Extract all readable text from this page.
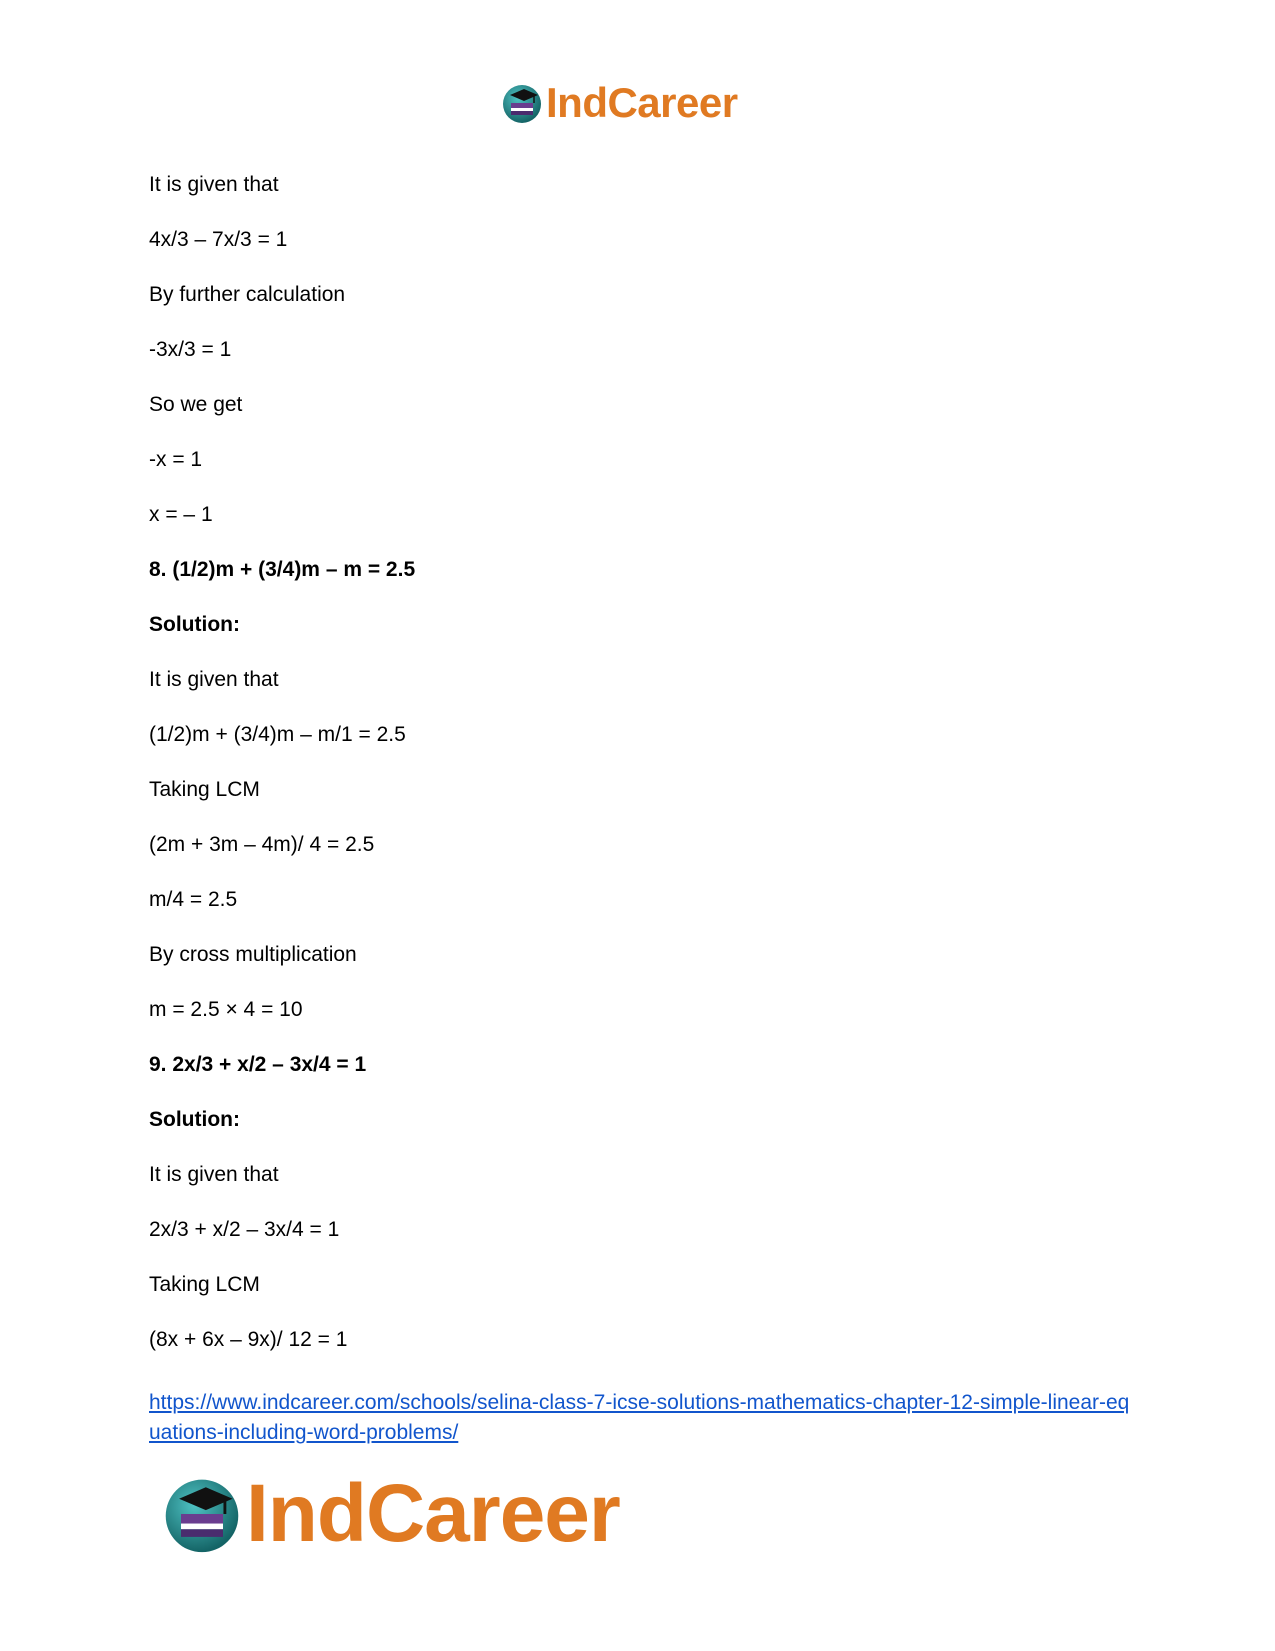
IndCareer
It is given that
4x/3 – 7x/3 = 1
By further calculation
-3x/3 = 1
So we get
-x = 1
x = – 1
8. (1/2)m + (3/4)m – m = 2.5
Solution:
It is given that
(1/2)m + (3/4)m – m/1 = 2.5
Taking LCM
(2m + 3m – 4m)/ 4 = 2.5
m/4 = 2.5
By cross multiplication
m = 2.5 × 4 = 10
9. 2x/3 + x/2 – 3x/4 = 1
Solution:
It is given that
2x/3 + x/2 – 3x/4 = 1
Taking LCM
(8x + 6x – 9x)/ 12 = 1
https://www.indcareer.com/schools/selina-class-7-icse-solutions-mathematics-chapter-12-simple-linear-equations-including-word-problems/
IndCareer
